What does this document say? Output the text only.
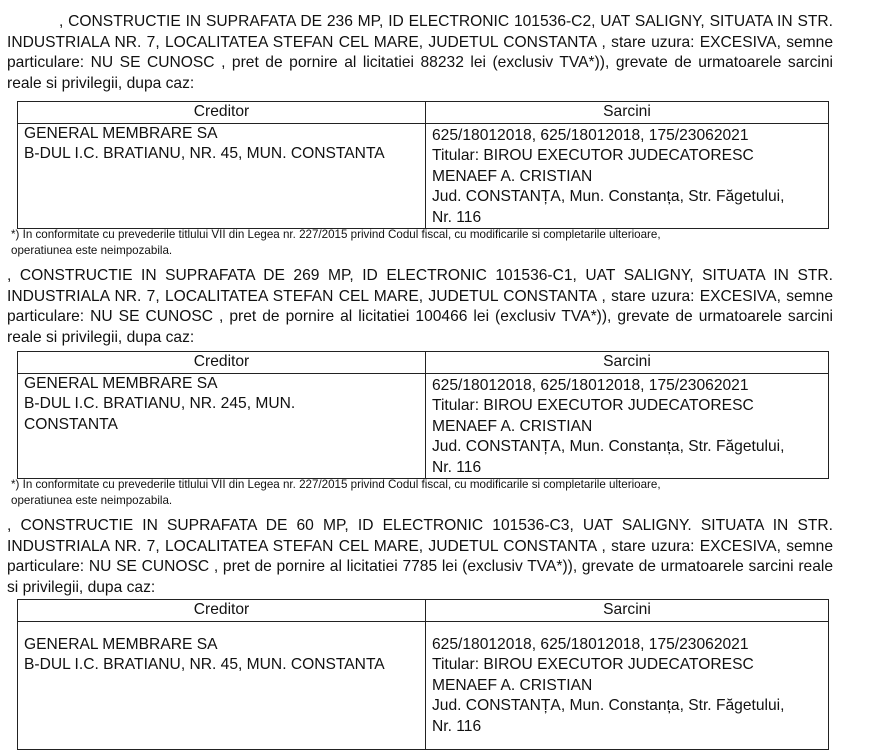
, CONSTRUCTIE IN SUPRAFATA DE 236 MP, ID ELECTRONIC 101536-C2, UAT SALIGNY, SITUATA IN STR. INDUSTRIALA NR. 7, LOCALITATEA STEFAN CEL MARE, JUDETUL CONSTANTA , stare uzura: EXCESIVA, semne particulare: NU SE CUNOSC , pret de pornire al licitatiei 88232 lei (exclusiv TVA*)), grevate de urmatoarele sarcini reale si privilegii, dupa caz:
Creditor	Sarcini

GENERAL MEMBRARE SA
B-DUL I.C. BRATIANU, NR. 45, MUN. CONSTANTA	625/18012018, 625/18012018, 175/23062021
Titular: BIROU EXECUTOR JUDECATORESC
MENAEF A. CRISTIAN
Jud. CONSTANȚA, Mun. Constanța, Str. Făgetului,
Nr. 116
*) In conformitate cu prevederile titlului VII din Legea nr. 227/2015 privind Codul fiscal, cu modificarile si completarile ulterioare,
operatiunea este neimpozabila.
, CONSTRUCTIE IN SUPRAFATA DE 269 MP, ID ELECTRONIC 101536-C1, UAT SALIGNY, SITUATA IN STR. INDUSTRIALA NR. 7, LOCALITATEA STEFAN CEL MARE, JUDETUL CONSTANTA , stare uzura: EXCESIVA, semne particulare: NU SE CUNOSC , pret de pornire al licitatiei 100466 lei (exclusiv TVA*)), grevate de urmatoarele sarcini reale si privilegii, dupa caz:
Creditor	Sarcini

GENERAL MEMBRARE SA
B-DUL I.C. BRATIANU, NR. 245, MUN.
CONSTANTA	625/18012018, 625/18012018, 175/23062021
Titular: BIROU EXECUTOR JUDECATORESC
MENAEF A. CRISTIAN
Jud. CONSTANȚA, Mun. Constanța, Str. Făgetului,
Nr. 116
*) In conformitate cu prevederile titlului VII din Legea nr. 227/2015 privind Codul fiscal, cu modificarile si completarile ulterioare,
operatiunea este neimpozabila.
, CONSTRUCTIE IN SUPRAFATA DE 60 MP, ID ELECTRONIC 101536-C3, UAT SALIGNY. SITUATA IN STR. INDUSTRIALA NR. 7, LOCALITATEA STEFAN CEL MARE, JUDETUL CONSTANTA , stare uzura: EXCESIVA, semne particulare: NU SE CUNOSC , pret de pornire al licitatiei 7785 lei (exclusiv TVA*)), grevate de urmatoarele sarcini reale si privilegii, dupa caz:
Creditor	Sarcini

GENERAL MEMBRARE SA
B-DUL I.C. BRATIANU, NR. 45, MUN. CONSTANTA	625/18012018, 625/18012018, 175/23062021
Titular: BIROU EXECUTOR JUDECATORESC
MENAEF A. CRISTIAN
Jud. CONSTANȚA, Mun. Constanța, Str. Făgetului,
Nr. 116
